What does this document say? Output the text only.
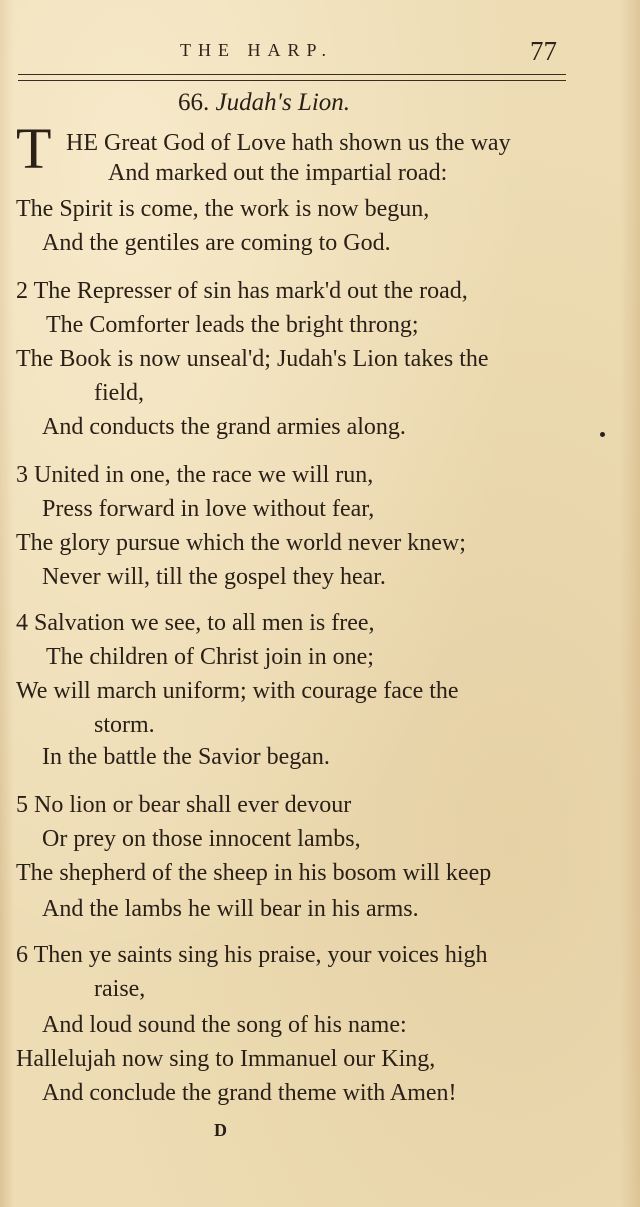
THE HARP.	77
66. Judah's Lion.
T HE Great God of Love hath shown us the way
And marked out the impartial road:
The Spirit is come, the work is now begun,
And the gentiles are coming to God.
2 The Represser of sin has mark'd out the road,
The Comforter leads the bright throng;
The Book is now unseal'd; Judah's Lion takes the
field,
And conducts the grand armies along.
3 United in one, the race we will run,
Press forward in love without fear,
The glory pursue which the world never knew;
Never will, till the gospel they hear.
4 Salvation we see, to all men is free,
The children of Christ join in one;
We will march uniform; with courage face the
storm.
In the battle the Savior began.
5 No lion or bear shall ever devour
Or prey on those innocent lambs,
The shepherd of the sheep in his bosom will keep
And the lambs he will bear in his arms.
6 Then ye saints sing his praise, your voices high
raise,
And loud sound the song of his name:
Hallelujah now sing to Immanuel our King,
And conclude the grand theme with Amen!
D
